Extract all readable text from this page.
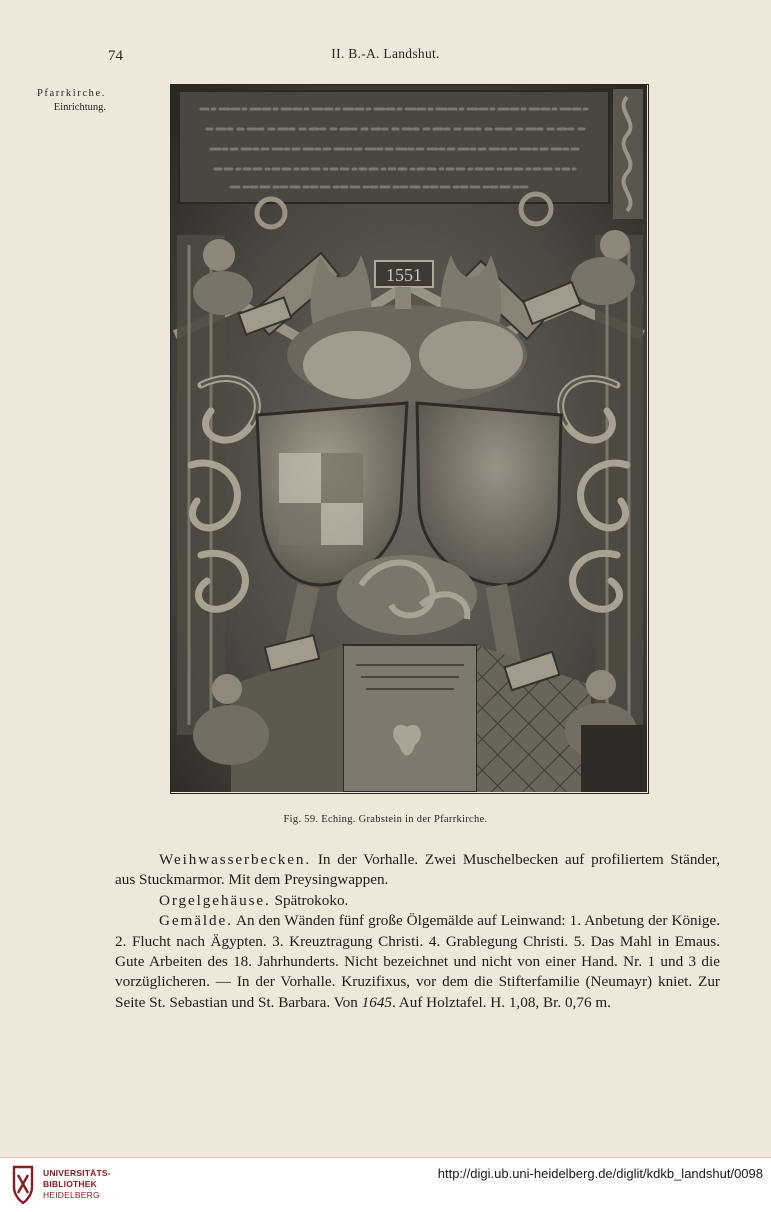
74	II. B.-A. Landshut.
Pfarrkirche.
Einrichtung.
1551
Fig. 59. Eching. Grabstein in der Pfarrkirche.

Weihwasserbecken. In der Vorhalle. Zwei Muschelbecken auf profiliertem Ständer, aus Stuckmarmor. Mit dem Preysingwappen.

Orgelgehäuse. Spätrokoko.

Gemälde. An den Wänden fünf große Ölgemälde auf Leinwand: 1. Anbetung der Könige. 2. Flucht nach Ägypten. 3. Kreuztragung Christi. 4. Grablegung Christi. 5. Das Mahl in Emaus. Gute Arbeiten des 18. Jahrhunderts. Nicht bezeichnet und nicht von einer Hand. Nr. 1 und 3 die vorzüglicheren. — In der Vorhalle. Kruzifixus, vor dem die Stifterfamilie (Neumayr) kniet. Zur Seite St. Sebastian und St. Barbara. Von 1645. Auf Holztafel. H. 1,08, Br. 0,76 m.

UNIVERSITÄTS-
BIBLIOTHEK
HEIDELBERG
http://digi.ub.uni-heidelberg.de/diglit/kdkb_landshut/0098
